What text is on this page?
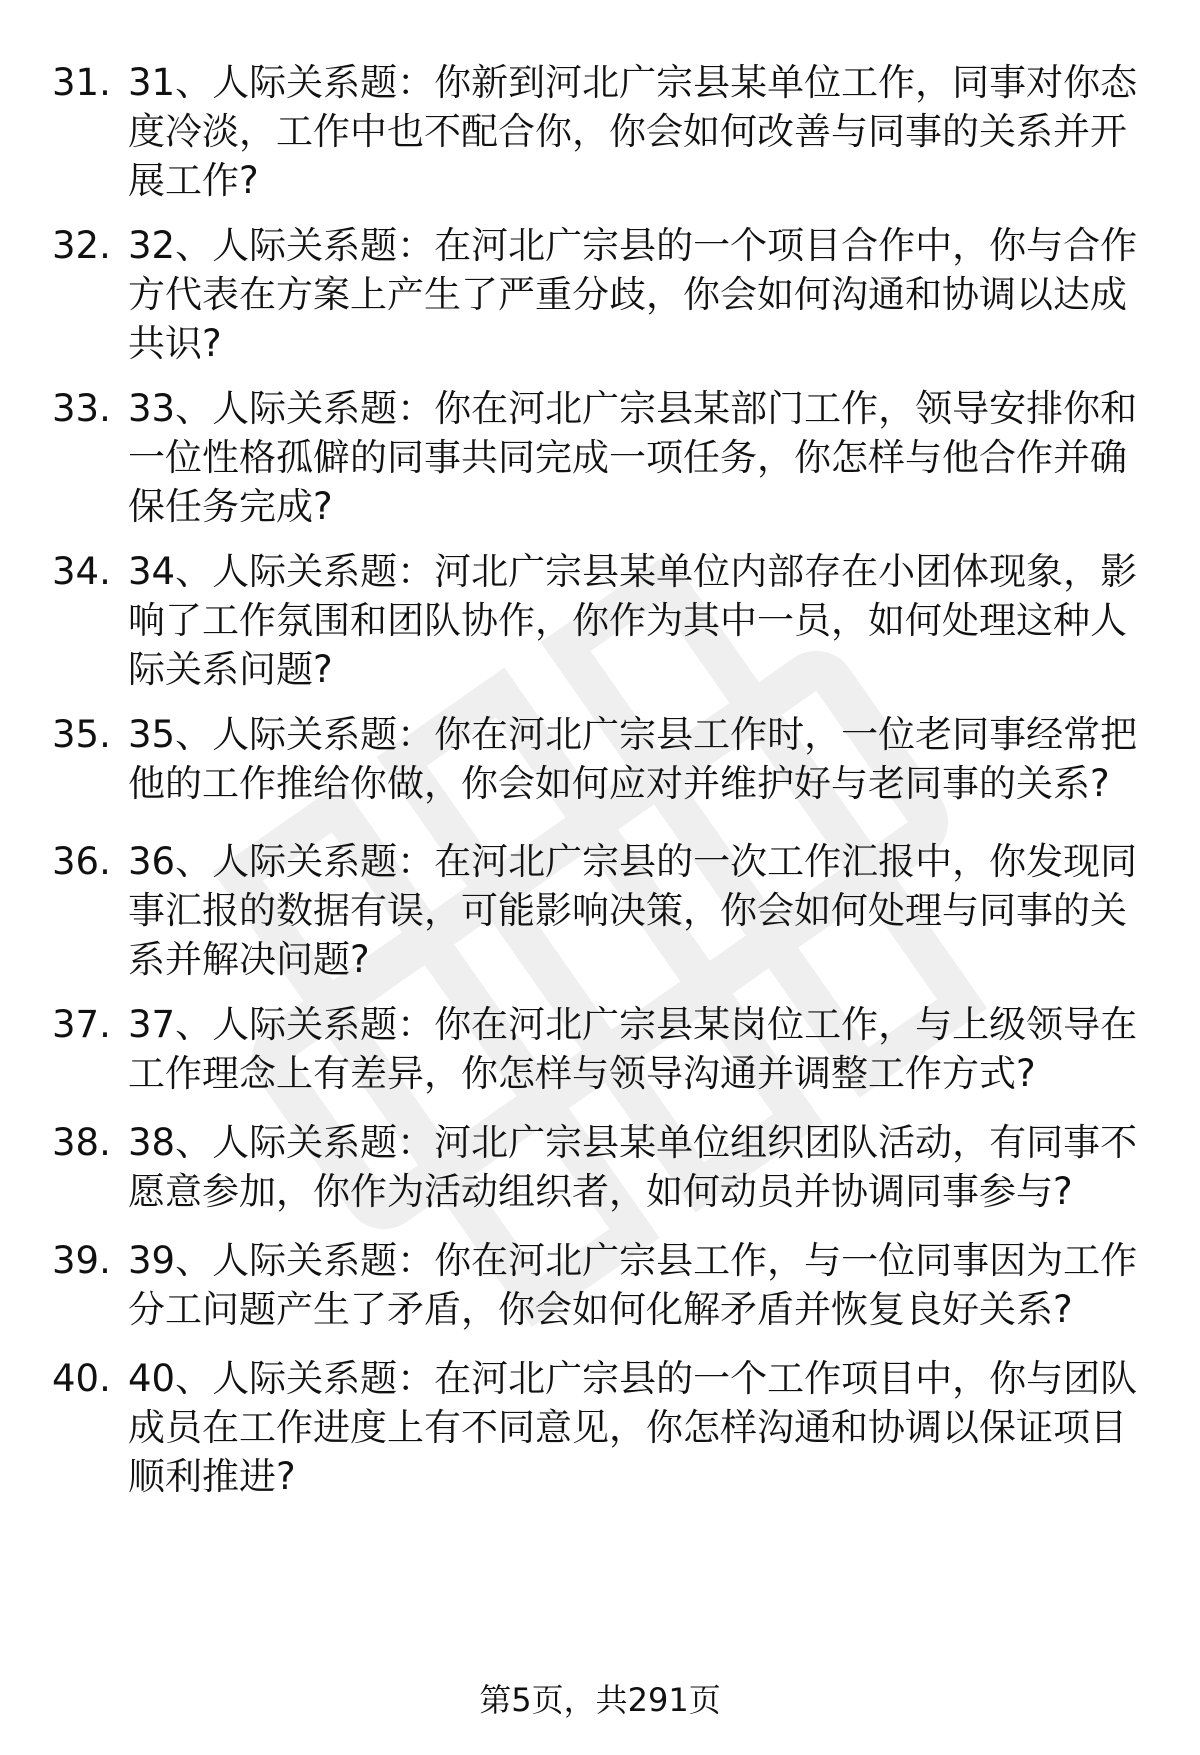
31. 31、人际关系题：你新到河北广宗县某单位工作，同事对你态度冷淡，工作中也不配合你，你会如何改善与同事的关系并开展工作?
32. 32、人际关系题：在河北广宗县的一个项目合作中，你与合作方代表在方案上产生了严重分歧，你会如何沟通和协调以达成共识?
33. 33、人际关系题：你在河北广宗县某部门工作，领导安排你和一位性格孤僻的同事共同完成一项任务，你怎样与他合作并确保任务完成?
34. 34、人际关系题：河北广宗县某单位内部存在小团体现象，影响了工作氛围和团队协作，你作为其中一员，如何处理这种人际关系问题?
35. 35、人际关系题：你在河北广宗县工作时，一位老同事经常把他的工作推给你做，你会如何应对并维护好与老同事的关系?
36. 36、人际关系题：在河北广宗县的一次工作汇报中，你发现同事汇报的数据有误，可能影响决策，你会如何处理与同事的关系并解决问题?
37. 37、人际关系题：你在河北广宗县某岗位工作，与上级领导在工作理念上有差异，你怎样与领导沟通并调整工作方式?
38. 38、人际关系题：河北广宗县某单位组织团队活动，有同事不愿意参加，你作为活动组织者，如何动员并协调同事参与?
39. 39、人际关系题：你在河北广宗县工作，与一位同事因为工作分工问题产生了矛盾，你会如何化解矛盾并恢复良好关系?
40. 40、人际关系题：在河北广宗县的一个工作项目中，你与团队成员在工作进度上有不同意见，你怎样沟通和协调以保证项目顺利推进?
第5页，共291页
